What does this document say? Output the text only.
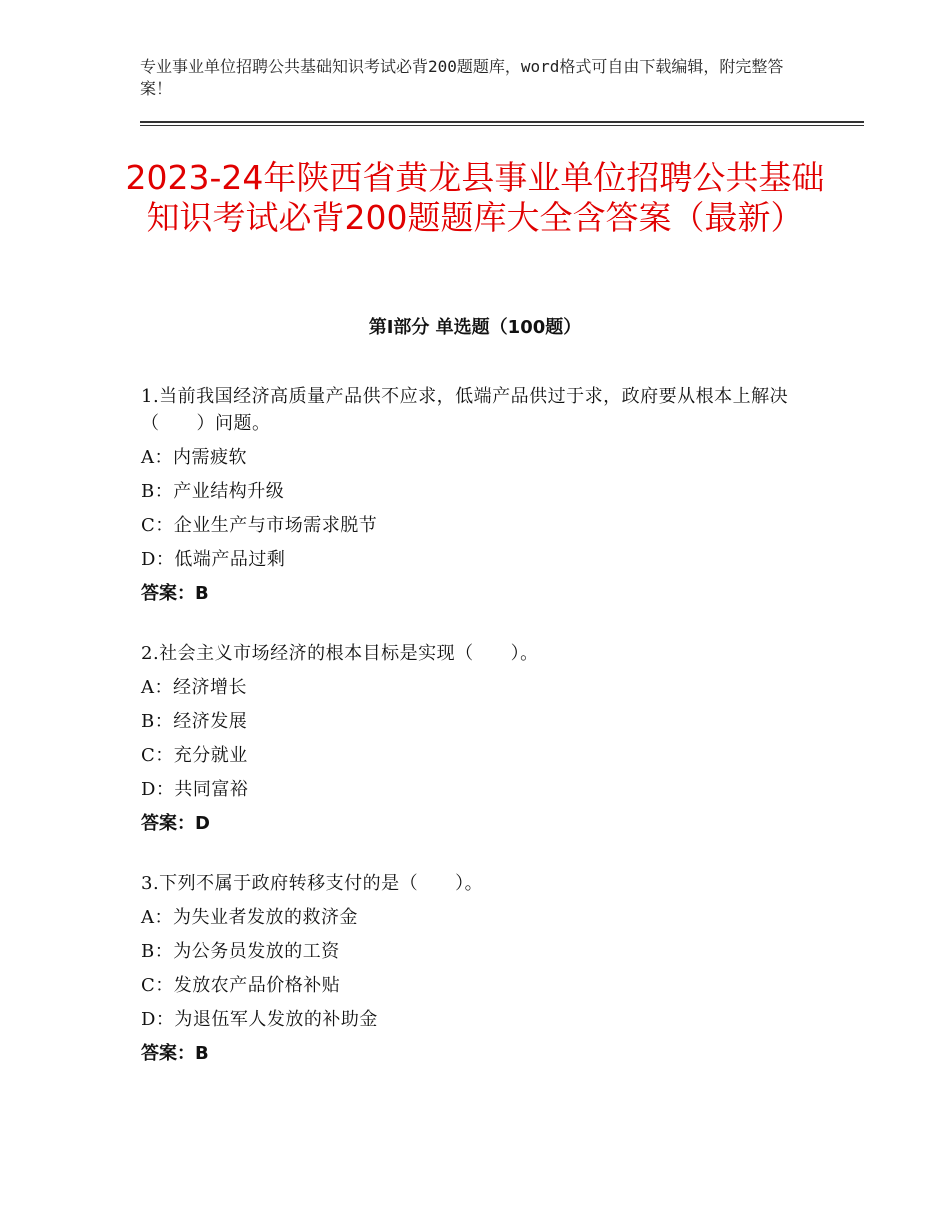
专业事业单位招聘公共基础知识考试必背200题题库，word格式可自由下载编辑，附完整答案！
2023-24年陕西省黄龙县事业单位招聘公共基础知识考试必背200题题库大全含答案（最新）
第Ⅰ部分 单选题（100题）
1.当前我国经济高质量产品供不应求，低端产品供过于求，政府要从根本上解决（　　）问题。
A：内需疲软
B：产业结构升级
C：企业生产与市场需求脱节
D：低端产品过剩
答案：B
2.社会主义市场经济的根本目标是实现（　　）。
A：经济增长
B：经济发展
C：充分就业
D：共同富裕
答案：D
3.下列不属于政府转移支付的是（　　）。
A：为失业者发放的救济金
B：为公务员发放的工资
C：发放农产品价格补贴
D：为退伍军人发放的补助金
答案：B
